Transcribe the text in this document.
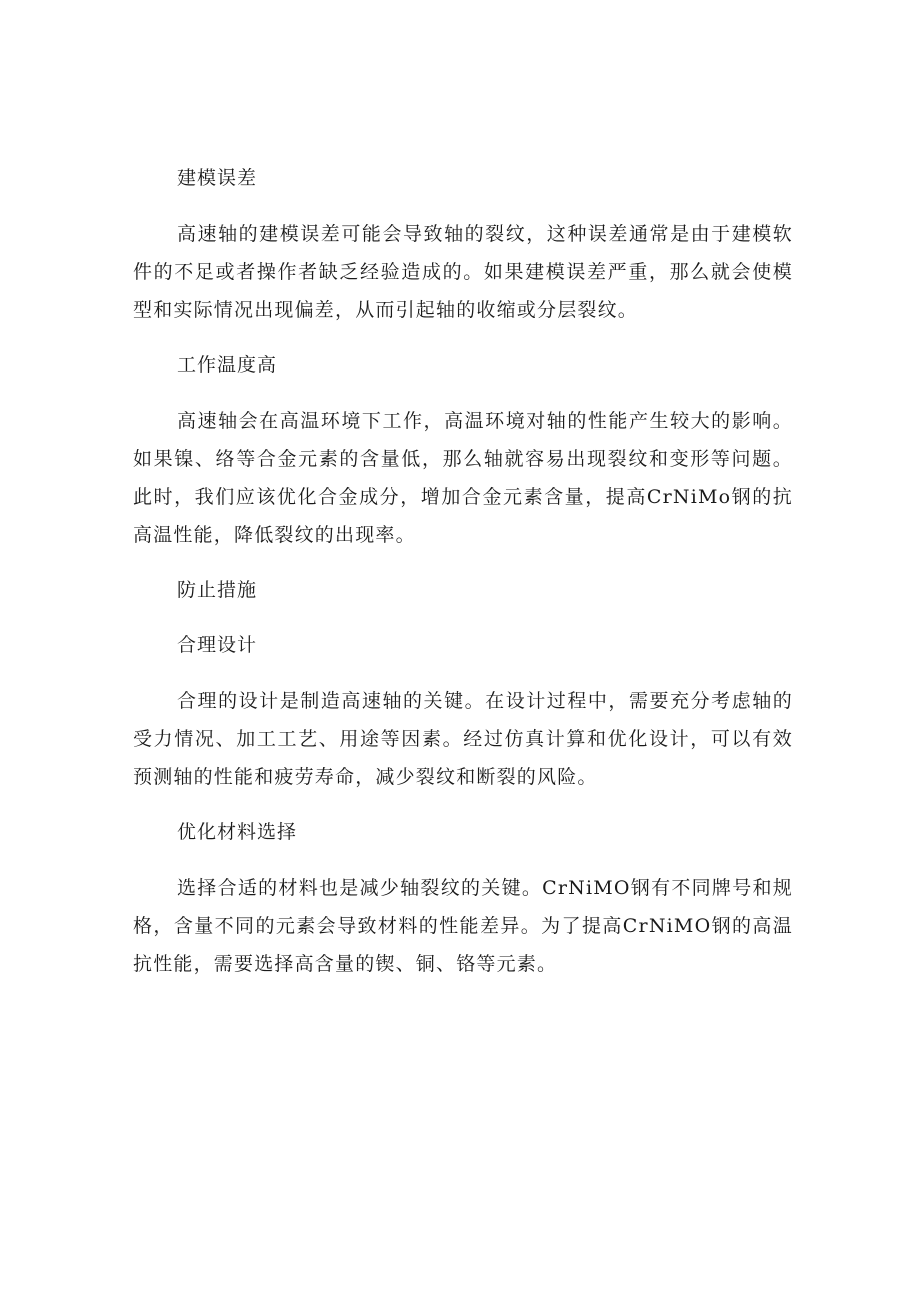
建模误差

高速轴的建模误差可能会导致轴的裂纹，这种误差通常是由于建模软件的不足或者操作者缺乏经验造成的。如果建模误差严重，那么就会使模型和实际情况出现偏差，从而引起轴的收缩或分层裂纹。

工作温度高

高速轴会在高温环境下工作，高温环境对轴的性能产生较大的影响。如果镍、络等合金元素的含量低，那么轴就容易出现裂纹和变形等问题。此时，我们应该优化合金成分，增加合金元素含量，提高CrNiMo钢的抗高温性能，降低裂纹的出现率。

防止措施
合理设计

合理的设计是制造高速轴的关键。在设计过程中，需要充分考虑轴的受力情况、加工工艺、用途等因素。经过仿真计算和优化设计，可以有效预测轴的性能和疲劳寿命，减少裂纹和断裂的风险。

优化材料选择

选择合适的材料也是减少轴裂纹的关键。CrNiMO钢有不同牌号和规格，含量不同的元素会导致材料的性能差异。为了提高CrNiMO钢的高温抗性能，需要选择高含量的锲、铜、铬等元素。
